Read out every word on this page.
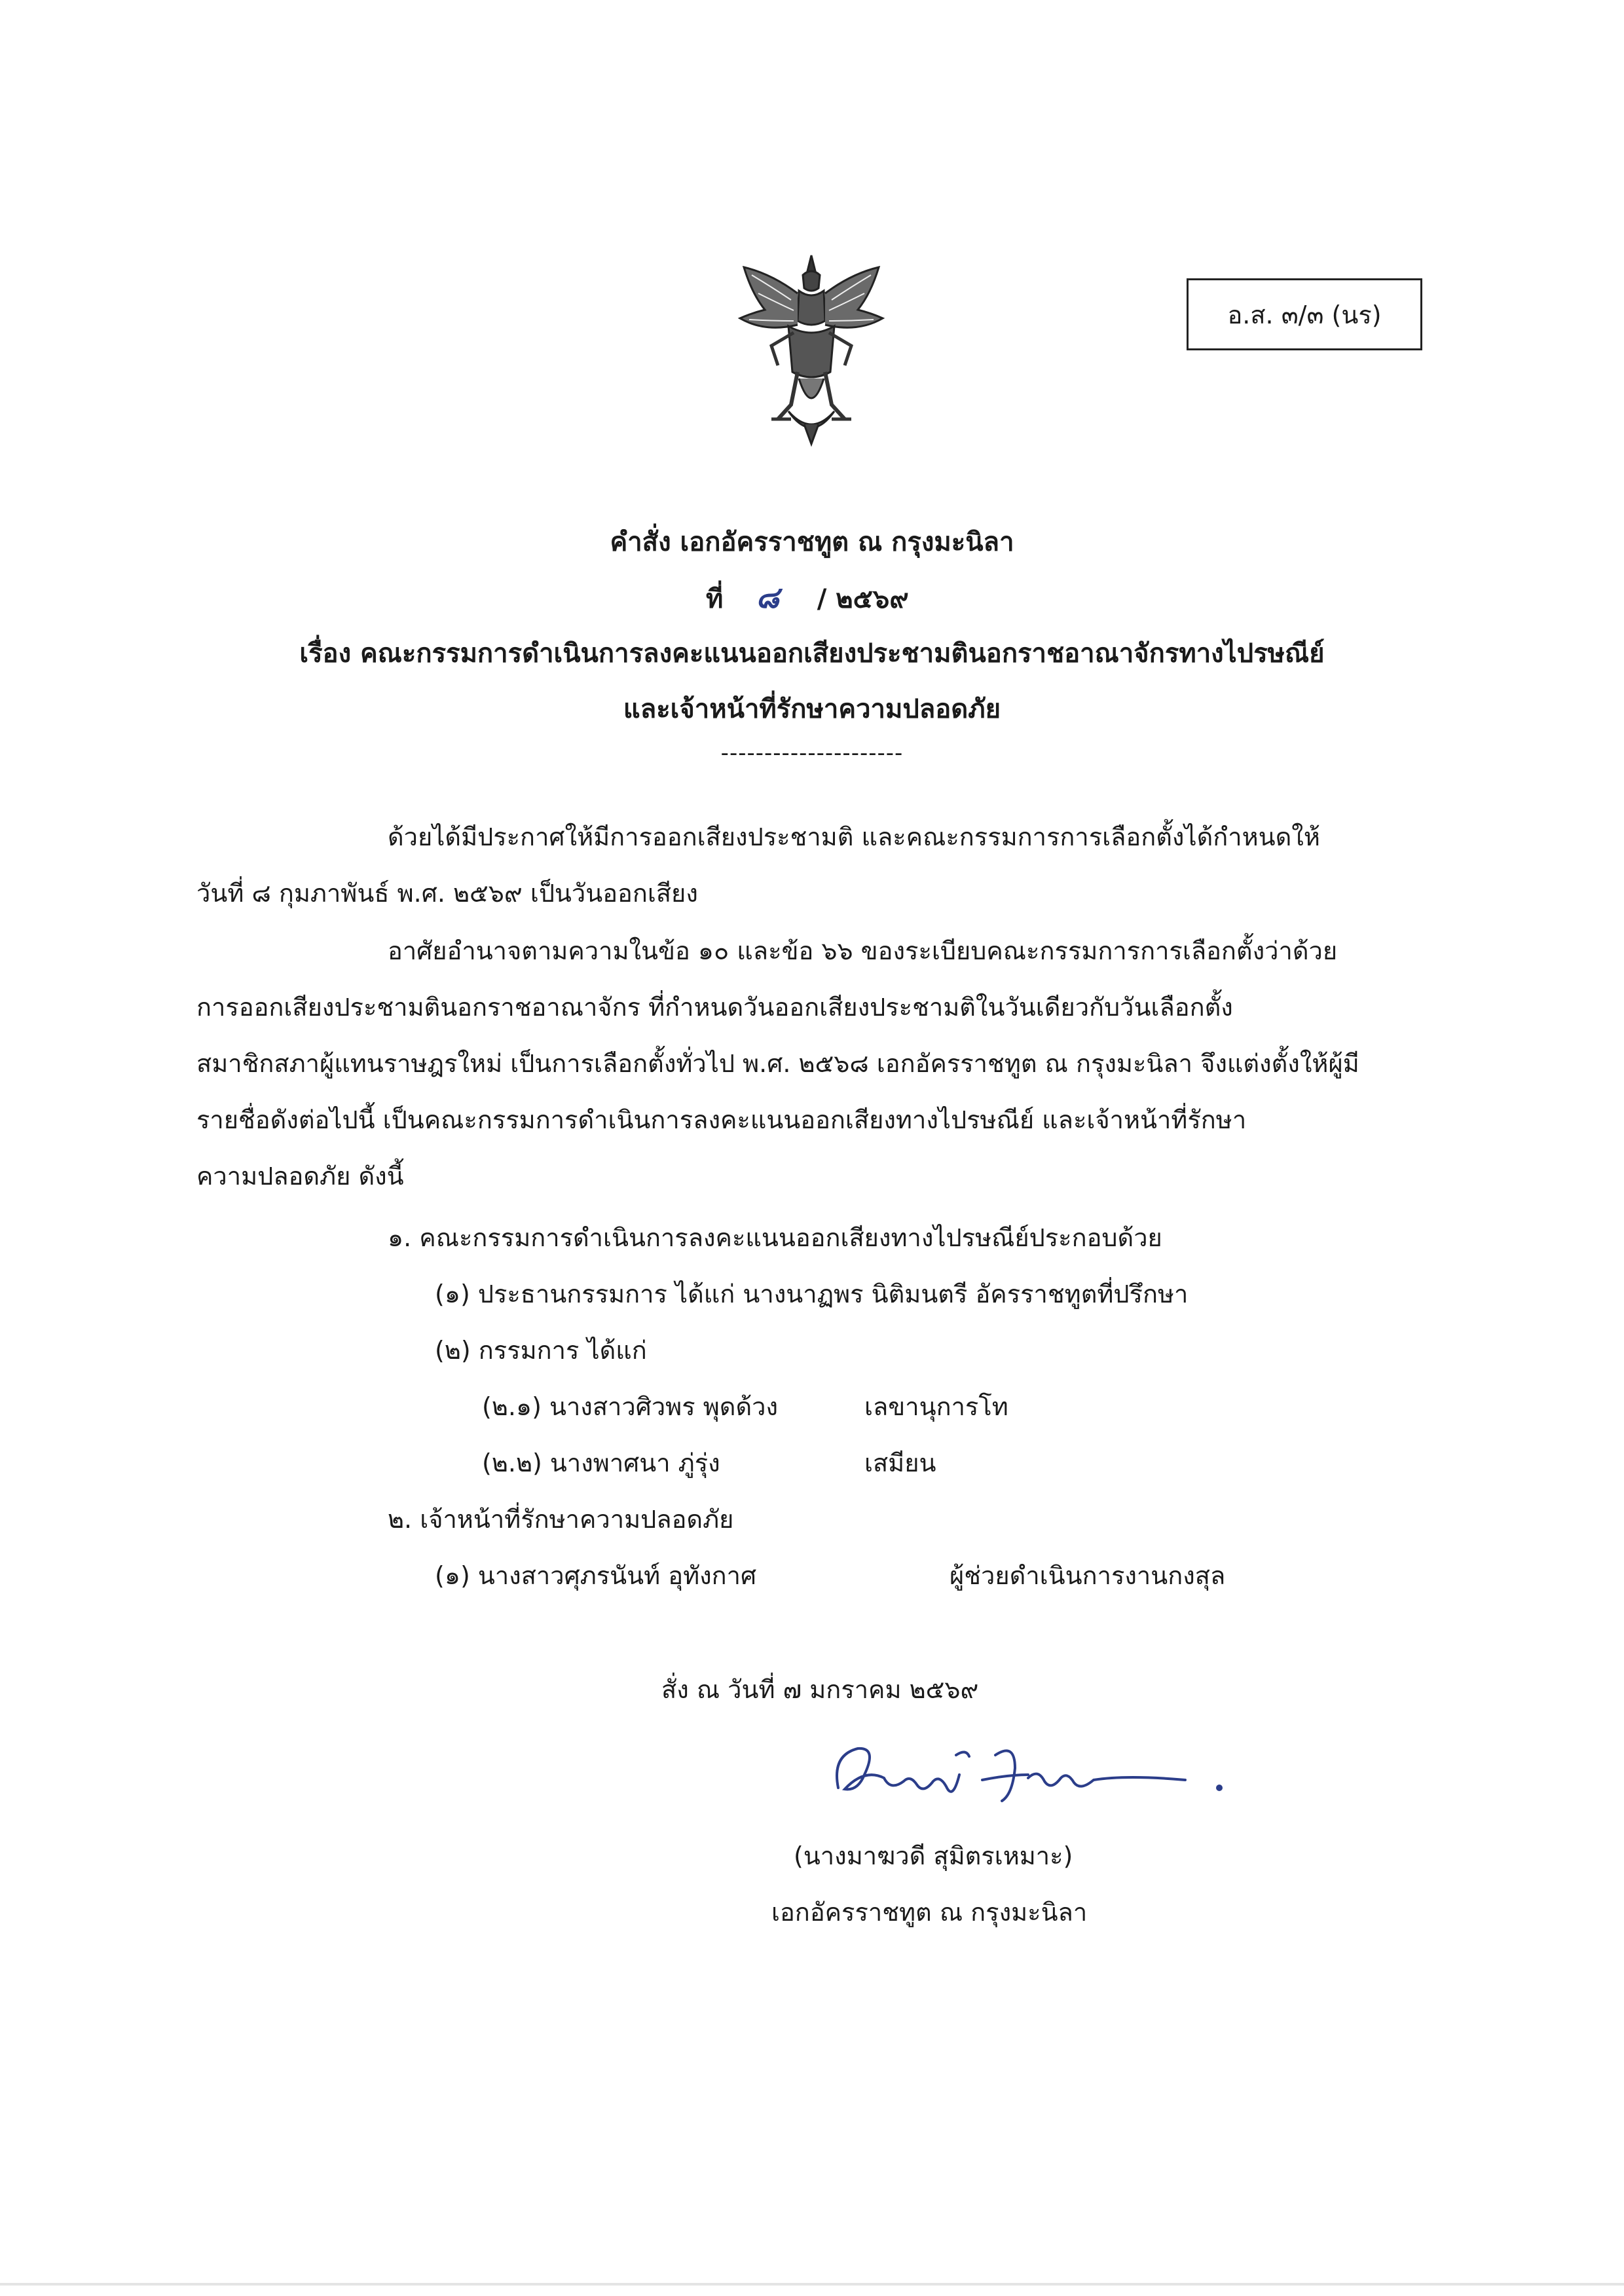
อ.ส. ๓/๓ (นร)
คำสั่ง เอกอัครราชทูต ณ กรุงมะนิลา
ที่ ๘ / ๒๕๖๙
เรื่อง คณะกรรมการดำเนินการลงคะแนนออกเสียงประชามตินอกราชอาณาจักรทางไปรษณีย์
และเจ้าหน้าที่รักษาความปลอดภัย
---------------------
ด้วยได้มีประกาศให้มีการออกเสียงประชามติ และคณะกรรมการการเลือกตั้งได้กำหนดให้
วันที่ ๘ กุมภาพันธ์ พ.ศ. ๒๕๖๙ เป็นวันออกเสียง
อาศัยอำนาจตามความในข้อ ๑๐ และข้อ ๖๖ ของระเบียบคณะกรรมการการเลือกตั้งว่าด้วย
การออกเสียงประชามตินอกราชอาณาจักร ที่กำหนดวันออกเสียงประชามติในวันเดียวกับวันเลือกตั้ง
สมาชิกสภาผู้แทนราษฎรใหม่ เป็นการเลือกตั้งทั่วไป พ.ศ. ๒๕๖๘ เอกอัครราชทูต ณ กรุงมะนิลา จึงแต่งตั้งให้ผู้มี
รายชื่อดังต่อไปนี้ เป็นคณะกรรมการดำเนินการลงคะแนนออกเสียงทางไปรษณีย์ และเจ้าหน้าที่รักษา
ความปลอดภัย ดังนี้
๑. คณะกรรมการดำเนินการลงคะแนนออกเสียงทางไปรษณีย์ประกอบด้วย
(๑) ประธานกรรมการ ได้แก่ นางนาฏพร นิติมนตรี อัครราชทูตที่ปรึกษา
(๒) กรรมการ ได้แก่
(๒.๑) นางสาวศิวพร พุดด้วง	เลขานุการโท
(๒.๒) นางพาศนา ภู่รุ่ง	เสมียน
๒. เจ้าหน้าที่รักษาความปลอดภัย
(๑) นางสาวศุภรนันท์ อุทังกาศ	ผู้ช่วยดำเนินการงานกงสุล
สั่ง ณ วันที่ ๗ มกราคม ๒๕๖๙
(นางมาฆวดี สุมิตรเหมาะ)
เอกอัครราชทูต ณ กรุงมะนิลา
